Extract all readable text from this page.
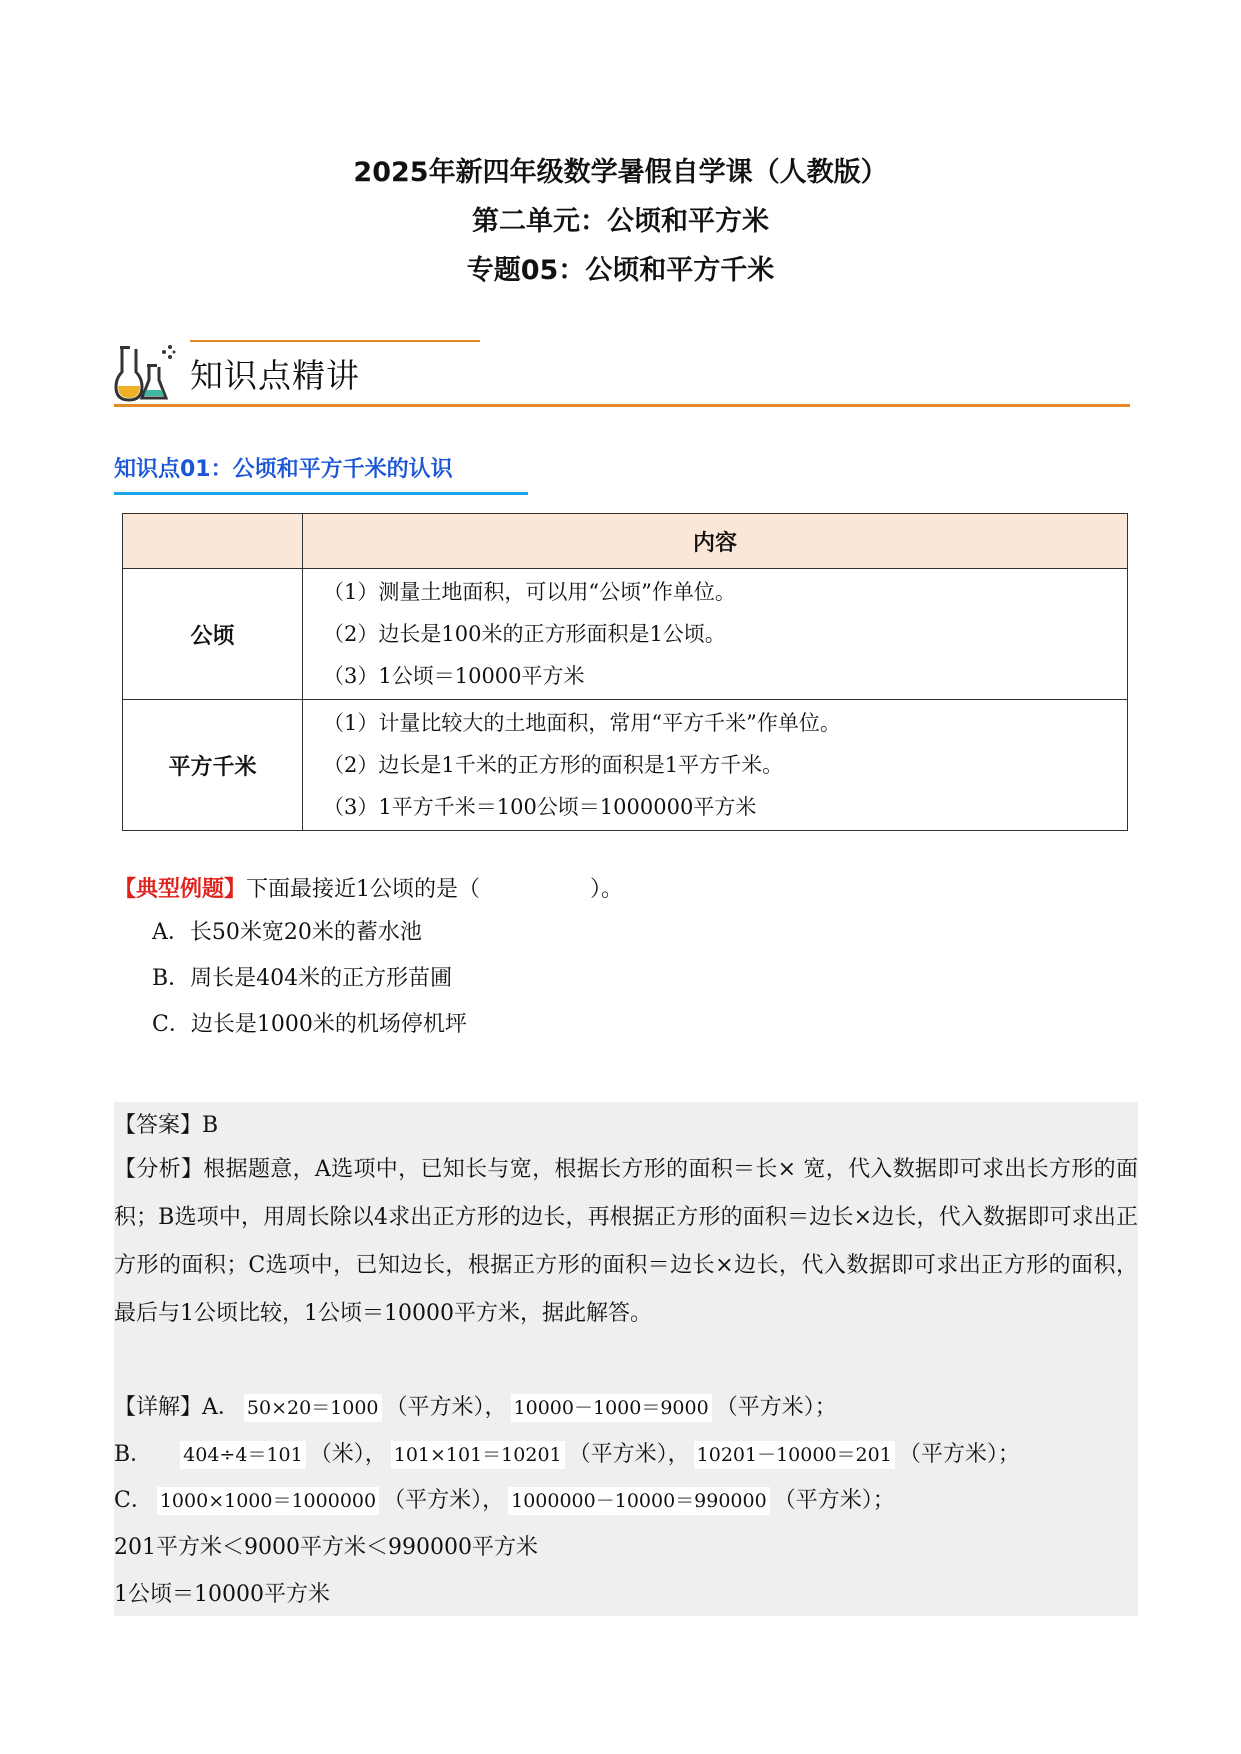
2025年新四年级数学暑假自学课（人教版）
第二单元：公顷和平方米
专题05：公顷和平方千米
知识点精讲
知识点01：公顷和平方千米的认识
	内容
公顷	（1）测量土地面积，可以用“公顷”作单位。
（2）边长是100米的正方形面积是1公顷。
（3）1公顷＝10000平方米

平方千米	（1）计量比较大的土地面积，常用“平方千米”作单位。
（2）边长是1千米的正方形的面积是1平方千米。
（3）1平方千米＝100公顷＝1000000平方米
【典型例题】下面最接近1公顷的是（　　　　　）。
A．长50米宽20米的蓄水池
B．周长是404米的正方形苗圃
C．边长是1000米的机场停机坪
【答案】B
【分析】根据题意，A选项中，已知长与宽，根据长方形的面积＝长× 宽，代入数据即可求出长方形的面积；B选项中，用周长除以4求出正方形的边长，再根据正方形的面积＝边长×边长，代入数据即可求出正方形的面积；C选项中，已知边长，根据正方形的面积＝边长×边长，代入数据即可求出正方形的面积，最后与1公顷比较，1公顷＝10000平方米，据此解答。
【详解】A． 50×20＝1000 （平方米）， 10000－1000＝9000 （平方米）；
B． 404÷4＝101 （米）， 101×101＝10201 （平方米）， 10201－10000＝201 （平方米）；
C． 1000×1000＝1000000 （平方米）， 1000000－10000＝990000 （平方米）；
201平方米＜9000平方米＜990000平方米
1公顷＝10000平方米
